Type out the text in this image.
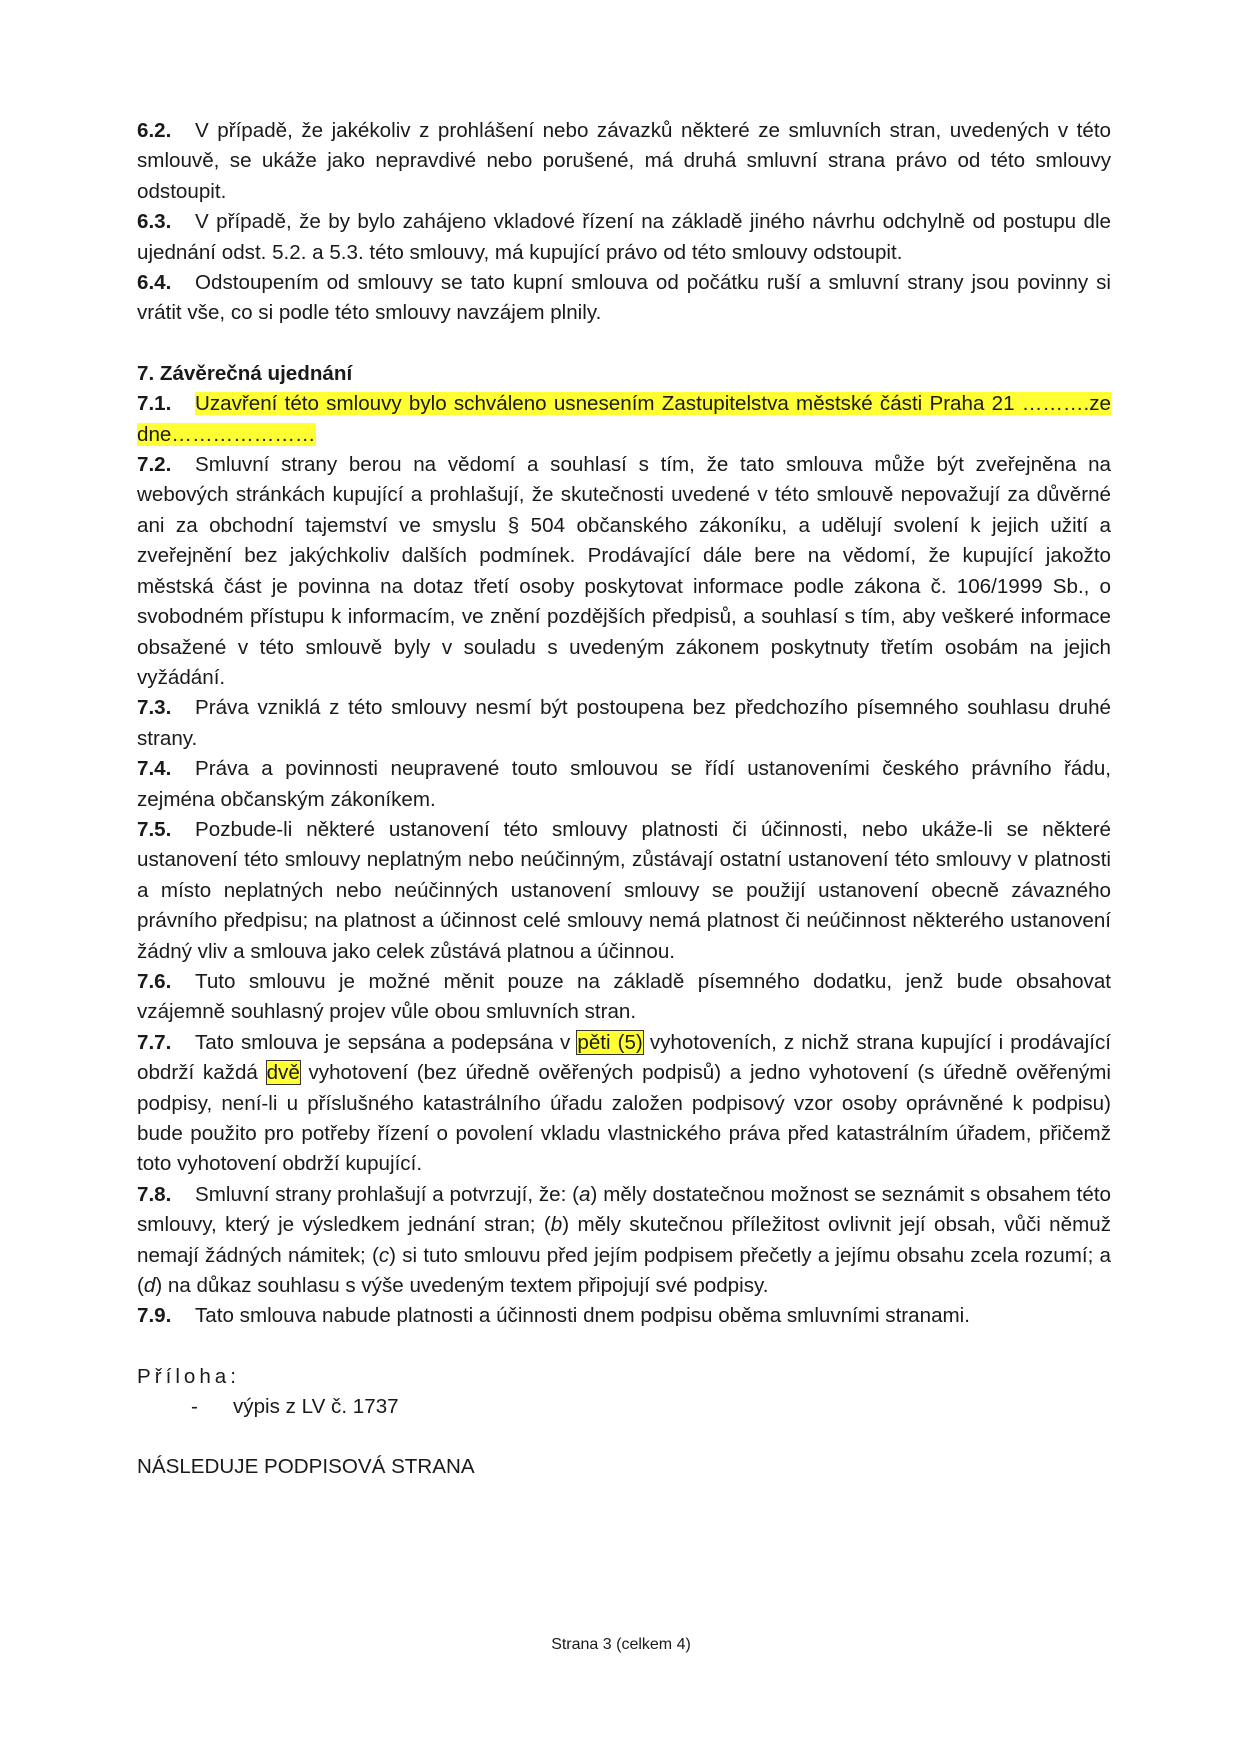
6.2. V případě, že jakékoliv z prohlášení nebo závazků některé ze smluvních stran, uvedených v této smlouvě, se ukáže jako nepravdivé nebo porušené, má druhá smluvní strana právo od této smlouvy odstoupit.

6.3. V případě, že by bylo zahájeno vkladové řízení na základě jiného návrhu odchylně od postupu dle ujednání odst. 5.2. a 5.3. této smlouvy, má kupující právo od této smlouvy odstoupit.

6.4. Odstoupením od smlouvy se tato kupní smlouva od počátku ruší a smluvní strany jsou povinny si vrátit vše, co si podle této smlouvy navzájem plnily.

7. Závěrečná ujednání

7.1. Uzavření této smlouvy bylo schváleno usnesením Zastupitelstva městské části Praha 21 ……….ze dne…………………

7.2. Smluvní strany berou na vědomí a souhlasí s tím, že tato smlouva může být zveřejněna na webových stránkách kupující a prohlašují, že skutečnosti uvedené v této smlouvě nepovažují za důvěrné ani za obchodní tajemství ve smyslu § 504 občanského zákoníku, a udělují svolení k jejich užití a zveřejnění bez jakýchkoliv dalších podmínek. Prodávající dále bere na vědomí, že kupující jakožto městská část je povinna na dotaz třetí osoby poskytovat informace podle zákona č. 106/1999 Sb., o svobodném přístupu k informacím, ve znění pozdějších předpisů, a souhlasí s tím, aby veškeré informace obsažené v této smlouvě byly v souladu s uvedeným zákonem poskytnuty třetím osobám na jejich vyžádání.

7.3. Práva vzniklá z této smlouvy nesmí být postoupena bez předchozího písemného souhlasu druhé strany.

7.4. Práva a povinnosti neupravené touto smlouvou se řídí ustanoveními českého právního řádu, zejména občanským zákoníkem.

7.5. Pozbude-li některé ustanovení této smlouvy platnosti či účinnosti, nebo ukáže-li se některé ustanovení této smlouvy neplatným nebo neúčinným, zůstávají ostatní ustanovení této smlouvy v platnosti a místo neplatných nebo neúčinných ustanovení smlouvy se použijí ustanovení obecně závazného právního předpisu; na platnost a účinnost celé smlouvy nemá platnost či neúčinnost některého ustanovení žádný vliv a smlouva jako celek zůstává platnou a účinnou.

7.6. Tuto smlouvu je možné měnit pouze na základě písemného dodatku, jenž bude obsahovat vzájemně souhlasný projev vůle obou smluvních stran.

7.7. Tato smlouva je sepsána a podepsána v pěti (5) vyhotoveních, z nichž strana kupující i prodávající obdrží každá dvě vyhotovení (bez úředně ověřených podpisů) a jedno vyhotovení (s úředně ověřenými podpisy, není-li u příslušného katastrálního úřadu založen podpisový vzor osoby oprávněné k podpisu) bude použito pro potřeby řízení o povolení vkladu vlastnického práva před katastrálním úřadem, přičemž toto vyhotovení obdrží kupující.

7.8. Smluvní strany prohlašují a potvrzují, že: (a) měly dostatečnou možnost se seznámit s obsahem této smlouvy, který je výsledkem jednání stran; (b) měly skutečnou příležitost ovlivnit její obsah, vůči němuž nemají žádných námitek; (c) si tuto smlouvu před jejím podpisem přečetly a jejímu obsahu zcela rozumí; a (d) na důkaz souhlasu s výše uvedeným textem připojují své podpisy.

7.9. Tato smlouva nabude platnosti a účinnosti dnem podpisu oběma smluvními stranami.

Příloha:

- výpis z LV č. 1737

NÁSLEDUJE PODPISOVÁ STRANA

Strana 3 (celkem 4)
